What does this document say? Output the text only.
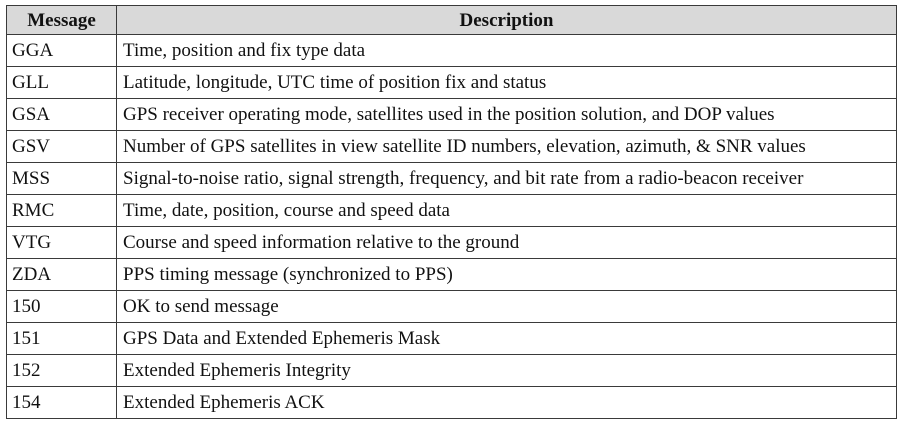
Message	Description
GGA	Time, position and fix type data
GLL	Latitude, longitude, UTC time of position fix and status
GSA	GPS receiver operating mode, satellites used in the position solution, and DOP values
GSV	Number of GPS satellites in view satellite ID numbers, elevation, azimuth, & SNR values
MSS	Signal-to-noise ratio, signal strength, frequency, and bit rate from a radio-beacon receiver
RMC	Time, date, position, course and speed data
VTG	Course and speed information relative to the ground
ZDA	PPS timing message (synchronized to PPS)
150	OK to send message
151	GPS Data and Extended Ephemeris Mask
152	Extended Ephemeris Integrity
154	Extended Ephemeris ACK
